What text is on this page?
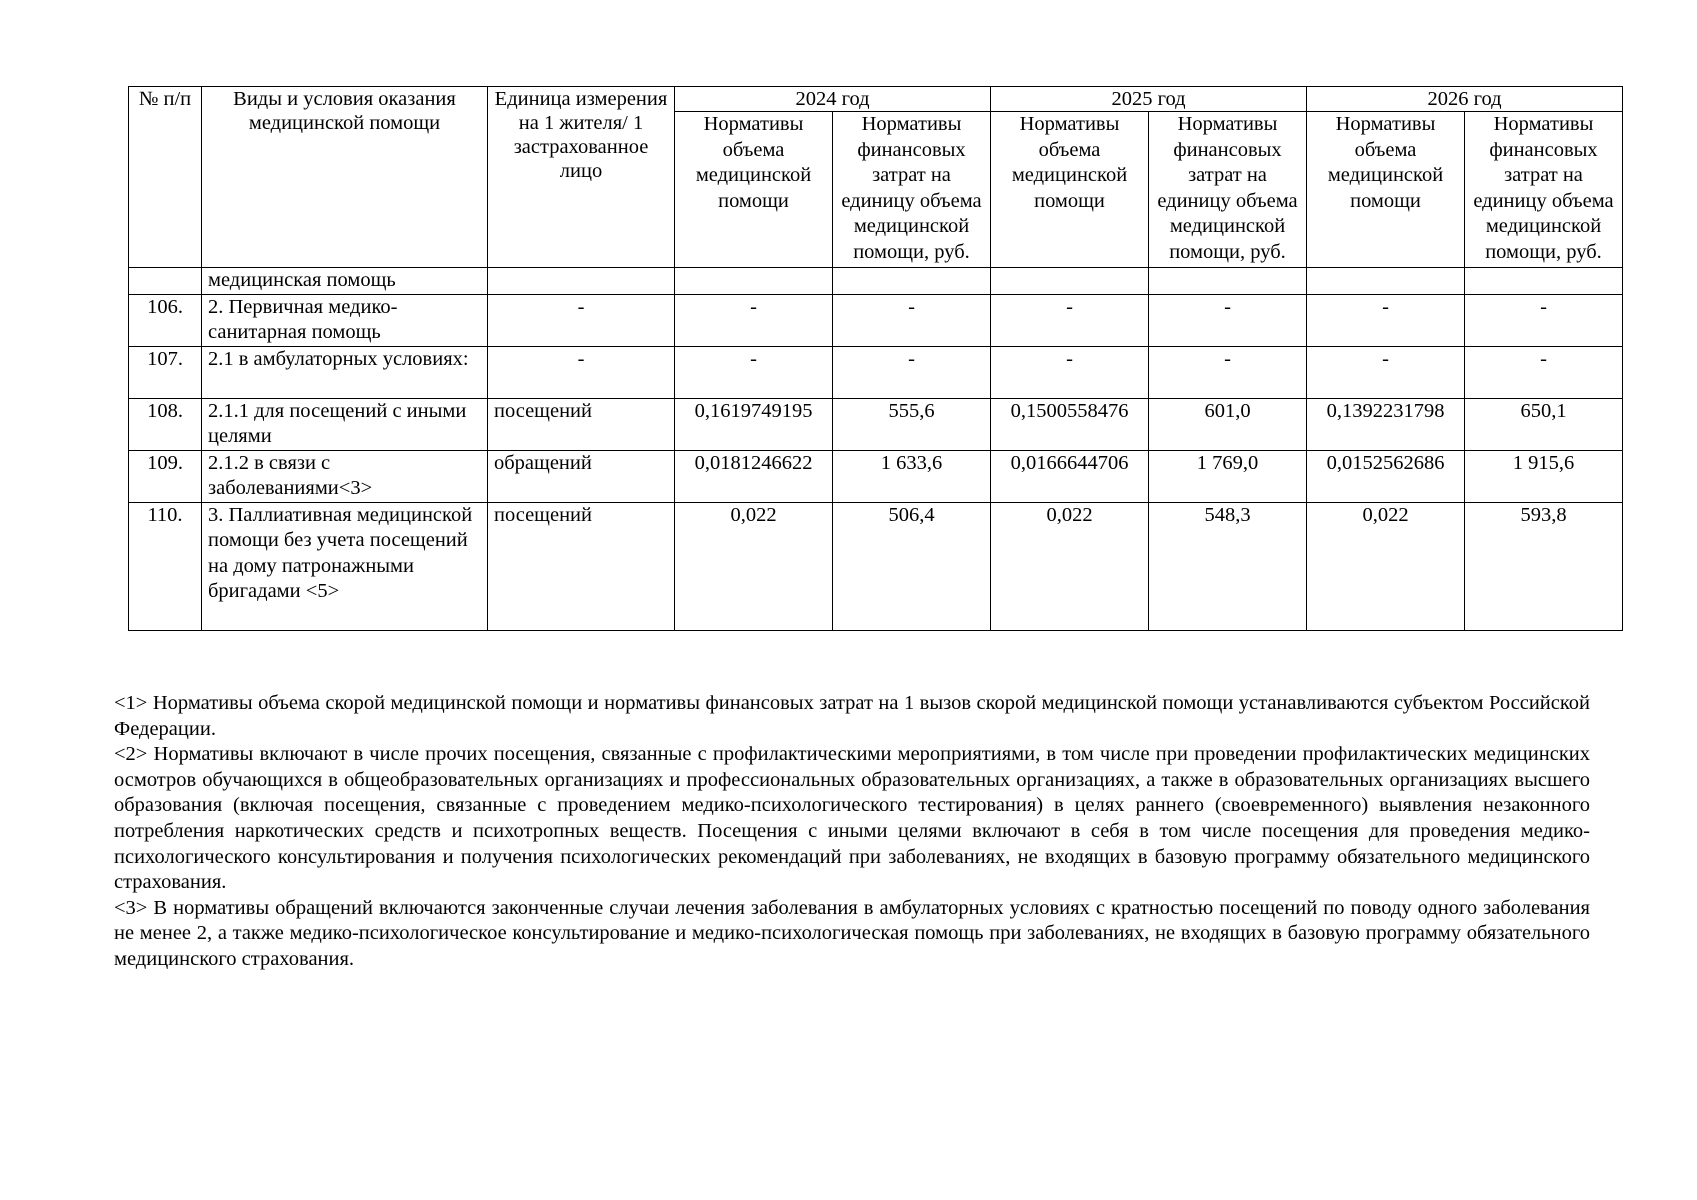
№ п/п	Виды и условия оказания медицинской помощи	Единица измерения на 1 жителя/ 1 застрахованное лицо	2024 год		2025 год		2026 год	
			Нормативы объема медицинской помощи	Нормативы финансовых затрат на единицу объема медицинской помощи, руб.	Нормативы объема медицинской помощи	Нормативы финансовых затрат на единицу объема медицинской помощи, руб.	Нормативы объема медицинской помощи	Нормативы финансовых затрат на единицу объема медицинской помощи, руб.
	медицинская помощь							
106.	2. Первичная медико-санитарная помощь	-	-	-	-	-	-	-
107.	2.1 в амбулаторных условиях:	-	-	-	-	-	-	-
108.	2.1.1 для посещений с иными целями	посещений	0,1619749195	555,6	0,1500558476	601,0	0,1392231798	650,1
109.	2.1.2 в связи с заболеваниями<3>	обращений	0,0181246622	1 633,6	0,0166644706	1 769,0	0,0152562686	1 915,6
110.	3. Паллиативная медицинской помощи без учета посещений на дому патронажными бригадами <5>	посещений	0,022	506,4	0,022	548,3	0,022	593,8

<1> Нормативы объема скорой медицинской помощи и нормативы финансовых затрат на 1 вызов скорой медицинской помощи устанавливаются субъектом Российской Федерации.

<2> Нормативы включают в числе прочих посещения, связанные с профилактическими мероприятиями, в том числе при проведении профилактических медицинских осмотров обучающихся в общеобразовательных организациях и профессиональных образовательных организациях, а также в образовательных организациях высшего образования (включая посещения, связанные с проведением медико-психологического тестирования) в целях раннего (своевременного) выявления незаконного потребления наркотических средств и психотропных веществ. Посещения с иными целями включают в себя в том числе посещения для проведения медико-психологического консультирования и получения психологических рекомендаций при заболеваниях, не входящих в базовую программу обязательного медицинского страхования.

<3> В нормативы обращений включаются законченные случаи лечения заболевания в амбулаторных условиях с кратностью посещений по поводу одного заболевания не менее 2, а также медико-психологическое консультирование и медико-психологическая помощь при заболеваниях, не входящих в базовую программу обязательного медицинского страхования.
